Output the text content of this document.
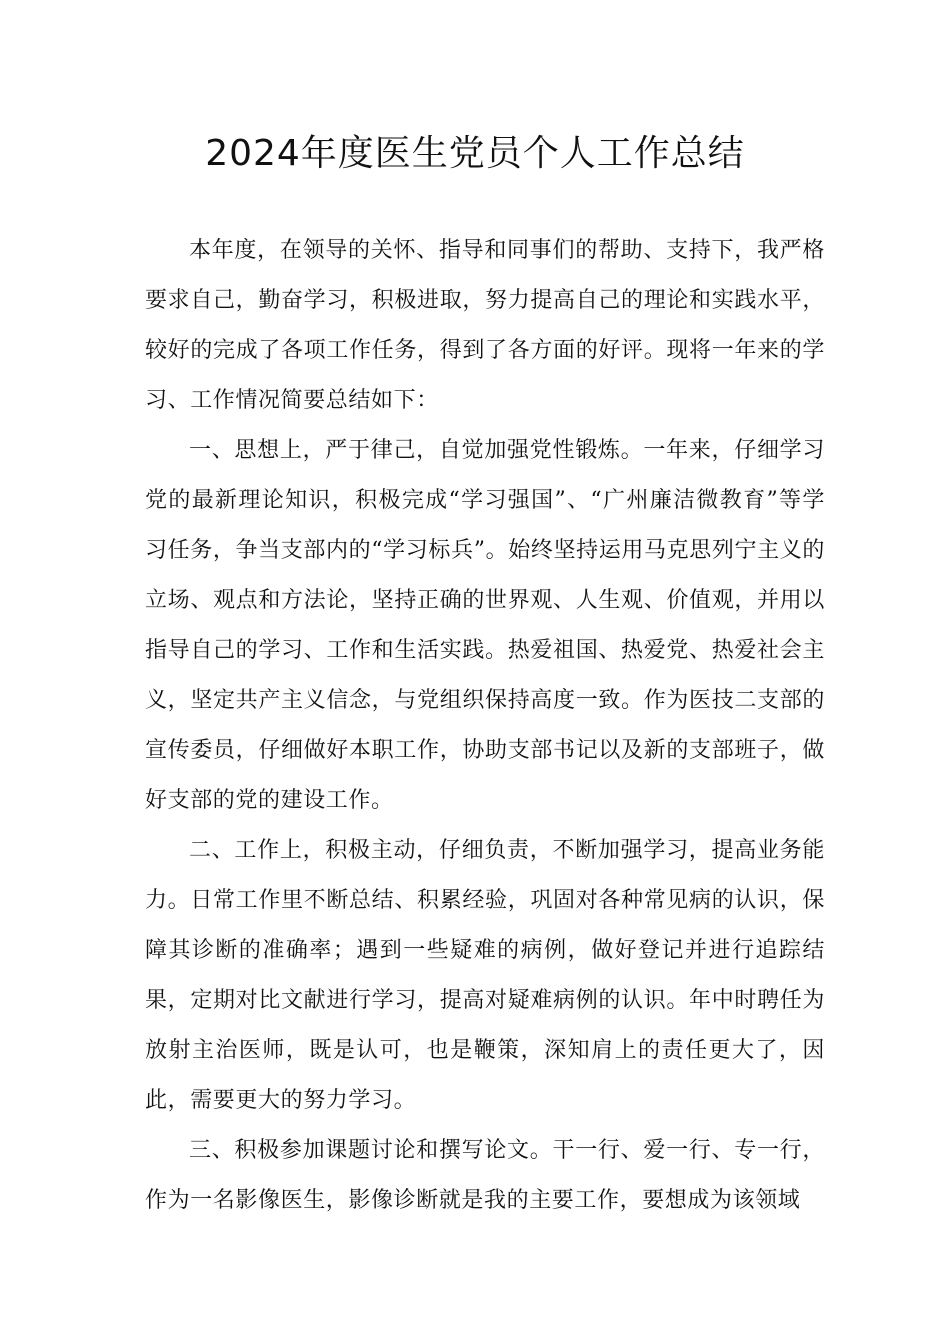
2024年度医生党员个人工作总结

本年度，在领导的关怀、指导和同事们的帮助、支持下，我严格要求自己，勤奋学习，积极进取，努力提高自己的理论和实践水平，较好的完成了各项工作任务，得到了各方面的好评。现将一年来的学习、工作情况简要总结如下：

一、思想上，严于律己，自觉加强党性锻炼。一年来，仔细学习党的最新理论知识，积极完成“学习强国”、“广州廉洁微教育”等学习任务，争当支部内的“学习标兵”。始终坚持运用马克思列宁主义的立场、观点和方法论，坚持正确的世界观、人生观、价值观，并用以指导自己的学习、工作和生活实践。热爱祖国、热爱党、热爱社会主义，坚定共产主义信念，与党组织保持高度一致。作为医技二支部的宣传委员，仔细做好本职工作，协助支部书记以及新的支部班子，做好支部的党的建设工作。

二、工作上，积极主动，仔细负责，不断加强学习，提高业务能力。日常工作里不断总结、积累经验，巩固对各种常见病的认识，保障其诊断的准确率；遇到一些疑难的病例，做好登记并进行追踪结果，定期对比文献进行学习，提高对疑难病例的认识。年中时聘任为放射主治医师，既是认可，也是鞭策，深知肩上的责任更大了，因此，需要更大的努力学习。

三、积极参加课题讨论和撰写论文。干一行、爱一行、专一行，作为一名影像医生，影像诊断就是我的主要工作，要想成为该领域
